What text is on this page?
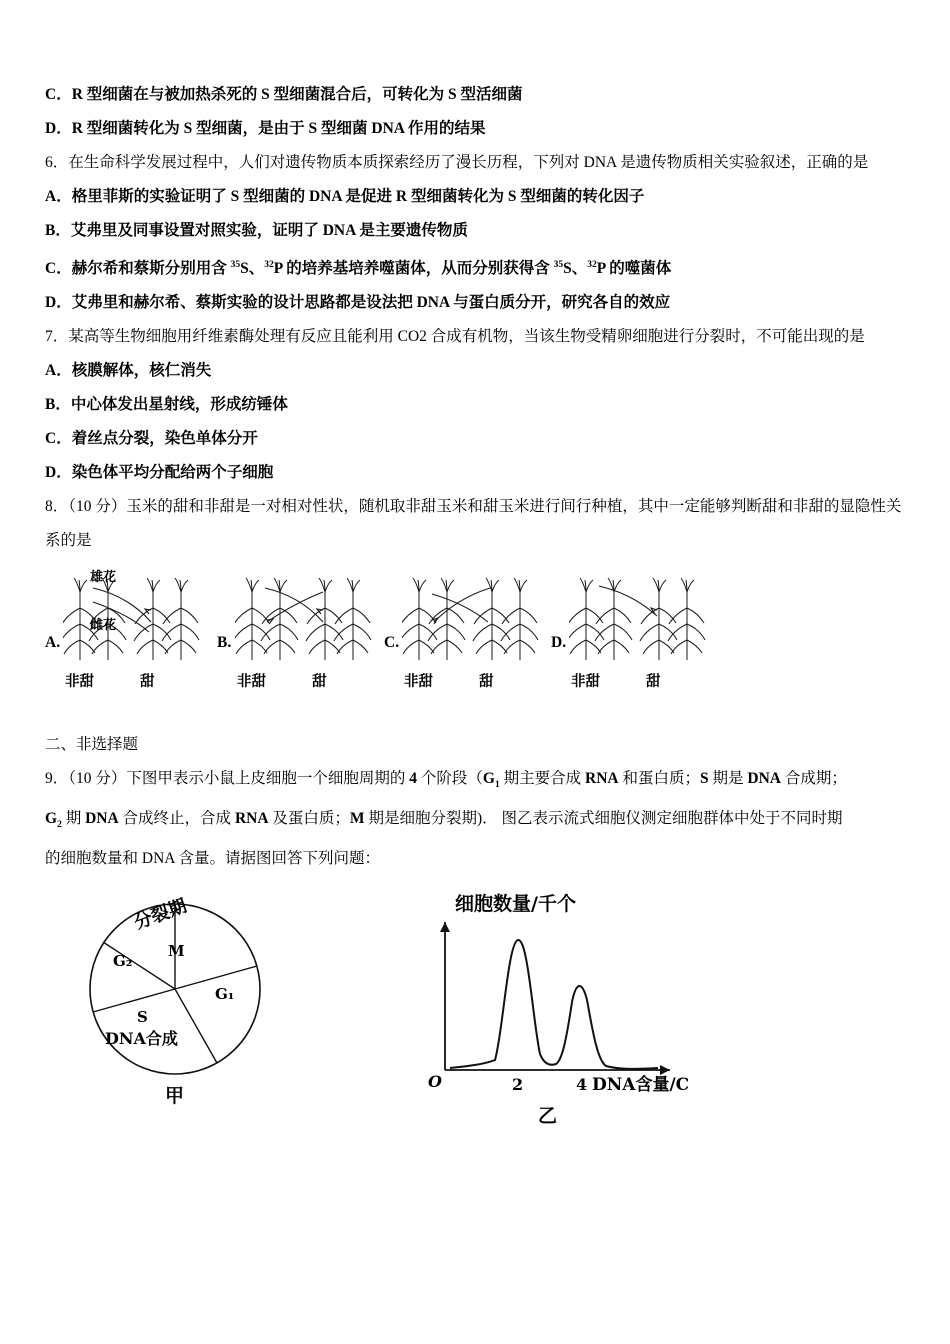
C．R 型细菌在与被加热杀死的 S 型细菌混合后，可转化为 S 型活细菌
D．R 型细菌转化为 S 型细菌，是由于 S 型细菌 DNA 作用的结果
6．在生命科学发展过程中，人们对遗传物质本质探索经历了漫长历程，下列对 DNA 是遗传物质相关实验叙述，正确的是
A．格里菲斯的实验证明了 S 型细菌的 DNA 是促进 R 型细菌转化为 S 型细菌的转化因子
B．艾弗里及同事设置对照实验，证明了 DNA 是主要遗传物质
C．赫尔希和蔡斯分别用含 $^{35}$S、$^{32}$P 的培养基培养噬菌体，从而分别获得含 $^{35}$S、$^{32}$P 的噬菌体
D．艾弗里和赫尔希、蔡斯实验的设计思路都是设法把 DNA 与蛋白质分开，研究各自的效应
7．某高等生物细胞用纤维素酶处理有反应且能利用 CO2 合成有机物，当该生物受精卵细胞进行分裂时，不可能出现的是
A．核膜解体，核仁消失
B．中心体发出星射线，形成纺锤体
C．着丝点分裂，染色单体分开
D．染色体平均分配给两个子细胞
8．（10 分）玉米的甜和非甜是一对相对性状，随机取非甜玉米和甜玉米进行间行种植，其中一定能够判断甜和非甜的显隐性关系的是
A.
雄花
雌花
非甜	甜
B.
非甜	甜
C.
非甜	甜
D.
非甜	甜
二、非选择题
9．（10 分）下图甲表示小鼠上皮细胞一个细胞周期的 4 个阶段（$G_1$ 期主要合成 RNA 和蛋白质；S 期是 DNA 合成期；
$G_2$ 期 DNA 合成终止，合成 RNA 及蛋白质；M 期是细胞分裂期)． 图乙表示流式细胞仪测定细胞群体中处于不同时期
的细胞数量和 DNA 含量。请据图回答下列问题：
分裂期
M
G₂
G₁
S
DNA合成
甲
细胞数量/千个
O	2	4 DNA含量/C
乙
